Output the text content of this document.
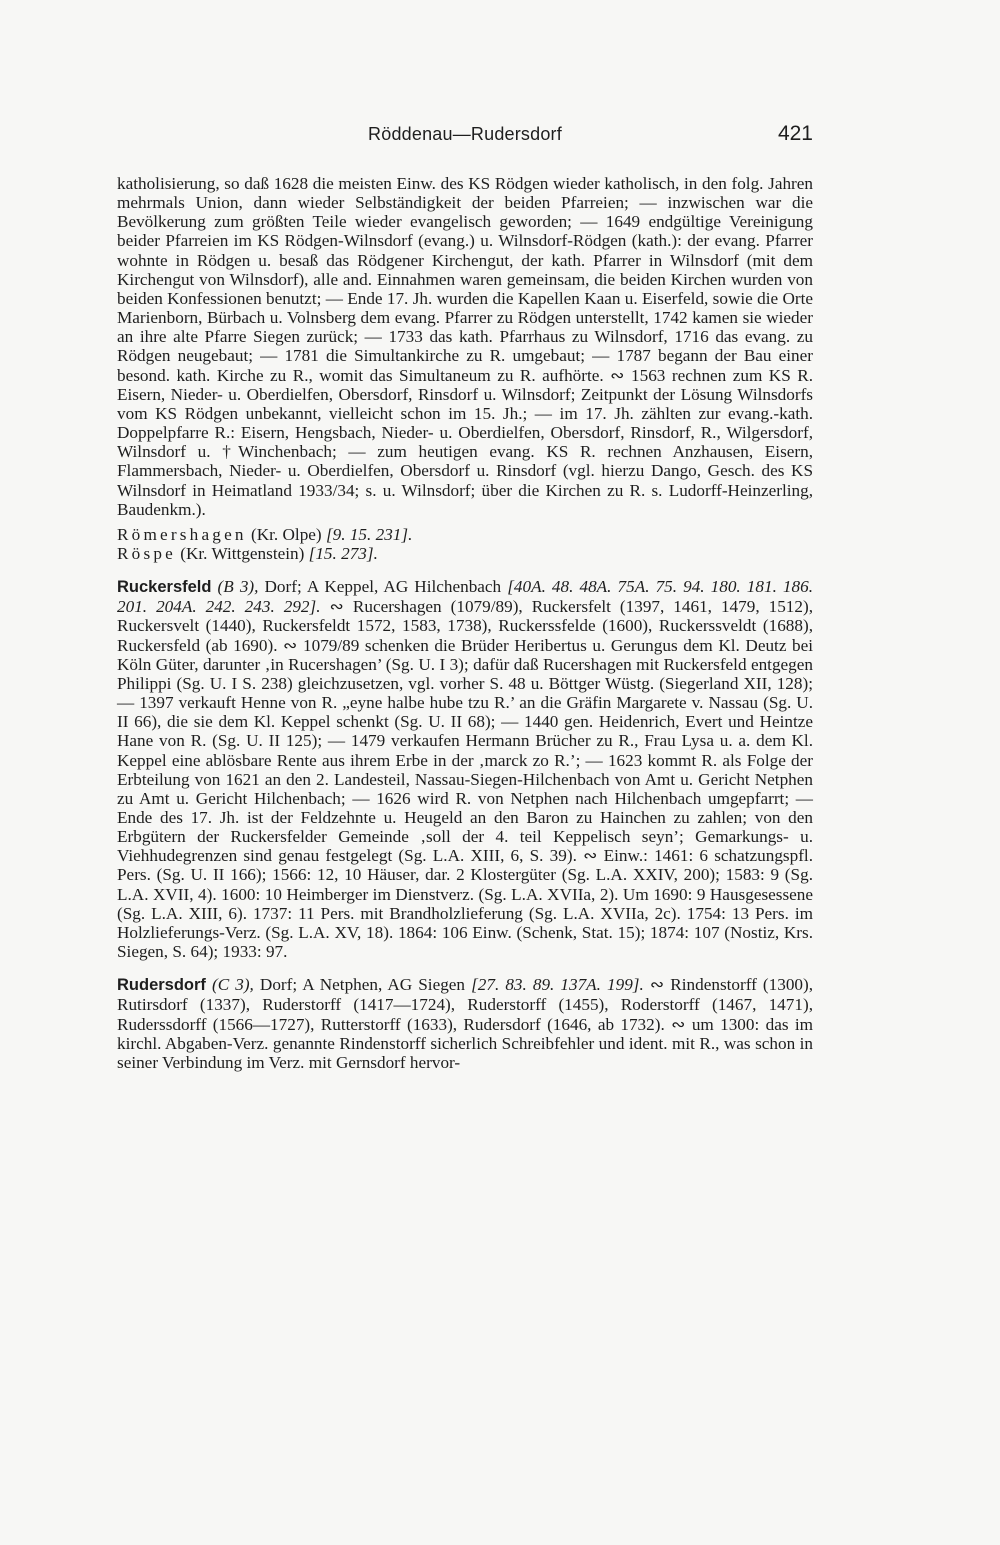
Röddenau—Rudersdorf	421

katholisierung, so daß 1628 die meisten Einw. des KS Rödgen wieder katholisch, in den folg. Jahren mehrmals Union, dann wieder Selbständigkeit der beiden Pfarreien; — inzwischen war die Bevölkerung zum größten Teile wieder evangelisch geworden; — 1649 endgültige Vereinigung beider Pfarreien im KS Rödgen-Wilnsdorf (evang.) u. Wilnsdorf-Rödgen (kath.): der evang. Pfarrer wohnte in Rödgen u. besaß das Rödgener Kirchengut, der kath. Pfarrer in Wilnsdorf (mit dem Kirchengut von Wilnsdorf), alle and. Einnahmen waren gemeinsam, die beiden Kirchen wurden von beiden Konfessionen benutzt; — Ende 17. Jh. wurden die Kapellen Kaan u. Eiserfeld, sowie die Orte Marienborn, Bürbach u. Volnsberg dem evang. Pfarrer zu Rödgen unterstellt, 1742 kamen sie wieder an ihre alte Pfarre Siegen zurück; — 1733 das kath. Pfarrhaus zu Wilnsdorf, 1716 das evang. zu Rödgen neugebaut; — 1781 die Simultankirche zu R. umgebaut; — 1787 begann der Bau einer besond. kath. Kirche zu R., womit das Simultaneum zu R. aufhörte. ∾ 1563 rechnen zum KS R. Eisern, Nieder- u. Oberdielfen, Obersdorf, Rinsdorf u. Wilnsdorf; Zeitpunkt der Lösung Wilnsdorfs vom KS Rödgen unbekannt, vielleicht schon im 15. Jh.; — im 17. Jh. zählten zur evang.-kath. Doppelpfarre R.: Eisern, Hengsbach, Nieder- u. Oberdielfen, Obersdorf, Rinsdorf, R., Wilgersdorf, Wilnsdorf u. †Winchenbach; — zum heutigen evang. KS R. rechnen Anzhausen, Eisern, Flammersbach, Nieder- u. Oberdielfen, Obersdorf u. Rinsdorf (vgl. hierzu Dango, Gesch. des KS Wilnsdorf in Heimatland 1933/34; s. u. Wilnsdorf; über die Kirchen zu R. s. Ludorff-Heinzerling, Baudenkm.).

Römershagen (Kr. Olpe) [9. 15. 231].

Röspe (Kr. Wittgenstein) [15. 273].

Ruckersfeld (B 3), Dorf; A Keppel, AG Hilchenbach [40A. 48. 48A. 75A. 75. 94. 180. 181. 186. 201. 204A. 242. 243. 292]. ∾ Rucershagen (1079/89), Ruckersfelt (1397, 1461, 1479, 1512), Ruckersvelt (1440), Ruckersfeldt 1572, 1583, 1738), Ruckerssfelde (1600), Ruckerssveldt (1688), Ruckersfeld (ab 1690). ∾ 1079/89 schenken die Brüder Heribertus u. Gerungus dem Kl. Deutz bei Köln Güter, darunter ‚in Rucershagen’ (Sg. U. I 3); dafür daß Rucershagen mit Ruckersfeld entgegen Philippi (Sg. U. I S. 238) gleichzusetzen, vgl. vorher S. 48 u. Böttger Wüstg. (Siegerland XII, 128); — 1397 verkauft Henne von R. „eyne halbe hube tzu R.’ an die Gräfin Margarete v. Nassau (Sg. U. II 66), die sie dem Kl. Keppel schenkt (Sg. U. II 68); — 1440 gen. Heidenrich, Evert und Heintze Hane von R. (Sg. U. II 125); — 1479 verkaufen Hermann Brücher zu R., Frau Lysa u. a. dem Kl. Keppel eine ablösbare Rente aus ihrem Erbe in der ‚marck zo R.’; — 1623 kommt R. als Folge der Erbteilung von 1621 an den 2. Landesteil, Nassau-Siegen-Hilchenbach von Amt u. Gericht Netphen zu Amt u. Gericht Hilchenbach; — 1626 wird R. von Netphen nach Hilchenbach umgepfarrt; — Ende des 17. Jh. ist der Feldzehnte u. Heugeld an den Baron zu Hainchen zu zahlen; von den Erbgütern der Ruckersfelder Gemeinde ‚soll der 4. teil Keppelisch seyn’; Gemarkungs- u. Viehhudegrenzen sind genau festgelegt (Sg. L.A. XIII, 6, S. 39). ∾ Einw.: 1461: 6 schatzungspfl. Pers. (Sg. U. II 166); 1566: 12, 10 Häuser, dar. 2 Klostergüter (Sg. L.A. XXIV, 200); 1583: 9 (Sg. L.A. XVII, 4). 1600: 10 Heimberger im Dienstverz. (Sg. L.A. XVIIa, 2). Um 1690: 9 Hausgesessene (Sg. L.A. XIII, 6). 1737: 11 Pers. mit Brandholzlieferung (Sg. L.A. XVIIa, 2c). 1754: 13 Pers. im Holzlieferungs-Verz. (Sg. L.A. XV, 18). 1864: 106 Einw. (Schenk, Stat. 15); 1874: 107 (Nostiz, Krs. Siegen, S. 64); 1933: 97.

Rudersdorf (C 3), Dorf; A Netphen, AG Siegen [27. 83. 89. 137A. 199]. ∾ Rindenstorff (1300), Rutirsdorf (1337), Ruderstorff (1417—1724), Ruderstorff (1455), Roderstorff (1467, 1471), Ruderssdorff (1566—1727), Rutterstorff (1633), Rudersdorf (1646, ab 1732). ∾ um 1300: das im kirchl. Abgaben-Verz. genannte Rindenstorff sicherlich Schreibfehler und ident. mit R., was schon in seiner Verbindung im Verz. mit Gernsdorf hervor-
